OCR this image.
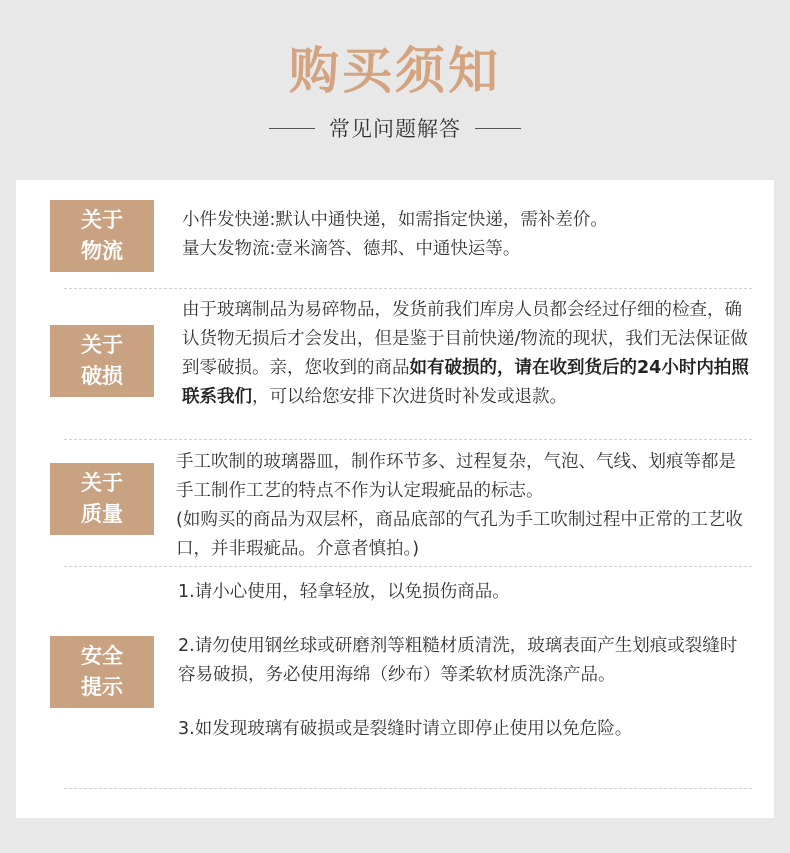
购买须知
常见问题解答
关于
物流

小件发快递:默认中通快递，如需指定快递，需补差价。

量大发物流:壹米滴答、德邦、中通快运等。

关于
破损

由于玻璃制品为易碎物品，发货前我们库房人员都会经过仔细的检查，确认货物无损后才会发出，但是鉴于目前快递/物流的现状，我们无法保证做到零破损。亲，您收到的商品如有破损的，请在收到货后的24小时内拍照联系我们，可以给您安排下次进货时补发或退款。

关于
质量

手工吹制的玻璃器皿，制作环节多、过程复杂，气泡、气线、划痕等都是手工制作工艺的特点不作为认定瑕疵品的标志。

(如购买的商品为双层杯，商品底部的气孔为手工吹制过程中正常的工艺收口，并非瑕疵品。介意者慎拍。)

安全
提示

1.请小心使用，轻拿轻放，以免损伤商品。

2.请勿使用钢丝球或研磨剂等粗糙材质清洗，玻璃表面产生划痕或裂缝时容易破损，务必使用海绵（纱布）等柔软材质洗涤产品。

3.如发现玻璃有破损或是裂缝时请立即停止使用以免危险。
